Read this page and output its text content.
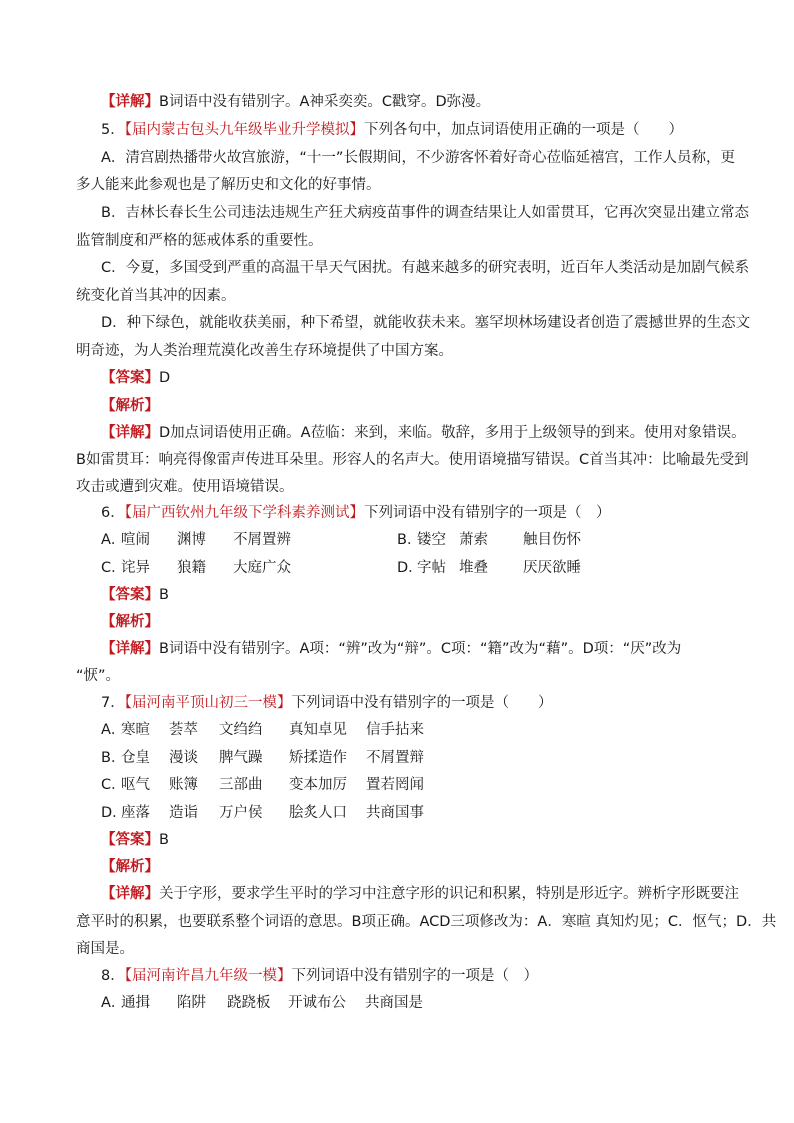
【详解】B词语中没有错别字。A神采奕奕。C戳穿。D弥漫。
5．【届内蒙古包头九年级毕业升学模拟】下列各句中，加点词语使用正确的一项是（　　）
A．清宫剧热播带火故宫旅游，“十一”长假期间，不少游客怀着好奇心莅临延禧宫，工作人员称，更
多人能来此参观也是了解历史和文化的好事情。
B．吉林长春长生公司违法违规生产狂犬病疫苗事件的调查结果让人如雷贯耳，它再次突显出建立常态
监管制度和严格的惩戒体系的重要性。
C．今夏，多国受到严重的高温干旱天气困扰。有越来越多的研究表明，近百年人类活动是加剧气候系
统变化首当其冲的因素。
D．种下绿色，就能收获美丽，种下希望，就能收获未来。塞罕坝林场建设者创造了震撼世界的生态文
明奇迹，为人类治理荒漠化改善生存环境提供了中国方案。
【答案】D
【解析】
【详解】D加点词语使用正确。A莅临：来到，来临。敬辞，多用于上级领导的到来。使用对象错误。
B如雷贯耳：响亮得像雷声传进耳朵里。形容人的名声大。使用语境描写错误。C首当其冲：比喻最先受到
攻击或遭到灾难。使用语境错误。
6．【届广西钦州九年级下学科素养测试】下列词语中没有错别字的一项是（　）
A．
喧闹 渊博 不屑置辨	B．
镂空 萧索 触目伤怀
C．
诧异 狼籍 大庭广众	D．
字帖 堆叠 厌厌欲睡
【答案】B
【解析】
【详解】B词语中没有错别字。A项：“辨”改为“辩”。C项：“籍”改为“藉”。D项：“厌”改为
“恹”。
7．【届河南平顶山初三一模】下列词语中没有错别字的一项是（　　）
A．
寒暄 荟萃 文绉绉 真知卓见 信手拈来
B．
仓皇 漫谈 脾气躁 矫揉造作 不屑置辩
C．
呕气 账簿 三部曲 变本加厉 置若罔闻
D．
座落 造诣 万户侯 脍炙人口 共商国事
【答案】B
【解析】
【详解】关于字形，要求学生平时的学习中注意字形的识记和积累，特别是形近字。辨析字形既要注
意平时的积累，也要联系整个词语的意思。B项正确。ACD三项修改为：A．寒暄 真知灼见；C．怄气；D．共
商国是。
8．【届河南许昌九年级一模】下列词语中没有错别字的一项是（　）
A．
通揖 陷阱 跷跷板 开诚布公 共商国是
